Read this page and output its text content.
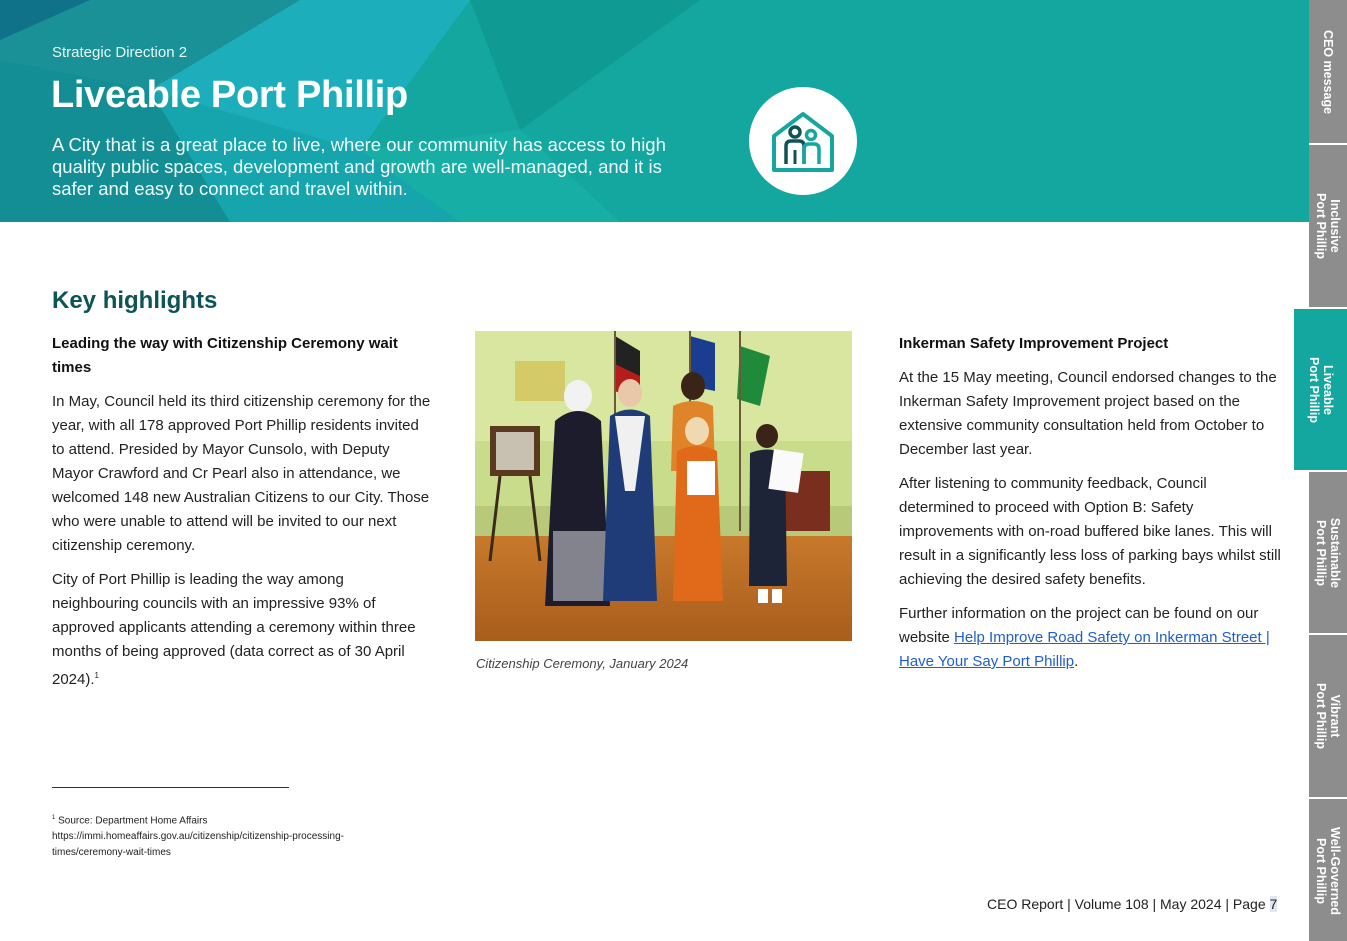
Strategic Direction 2
Liveable Port Phillip
A City that is a great place to live, where our community has access to high quality public spaces, development and growth are well-managed, and it is safer and easy to connect and travel within.
CEO message
Inclusive
Port Phillip
Liveable
Port Phillip
Sustainable
Port Phillip
Vibrant
Port Phillip
Well-Governed
Port Phillip
Key highlights
Leading the way with Citizenship Ceremony wait times

In May, Council held its third citizenship ceremony for the year, with all 178 approved Port Phillip residents invited to attend. Presided by Mayor Cunsolo, with Deputy Mayor Crawford and Cr Pearl also in attendance, we welcomed 148 new Australian Citizens to our City. Those who were unable to attend will be invited to our next citizenship ceremony.

City of Port Phillip is leading the way among neighbouring councils with an impressive 93% of approved applicants attending a ceremony within three months of being approved (data correct as of 30 April 2024).$^1$

Citizenship Ceremony, January 2024
Inkerman Safety Improvement Project

At the 15 May meeting, Council endorsed changes to the Inkerman Safety Improvement project based on the extensive community consultation held from October to December last year.

After listening to community feedback, Council determined to proceed with Option B: Safety improvements with on-road buffered bike lanes. This will result in a significantly less loss of parking bays whilst still achieving the desired safety benefits.

Further information on the project can be found on our website Help Improve Road Safety on Inkerman Street | Have Your Say Port Phillip.

$^1$ Source: Department Home Affairs
https://immi.homeaffairs.gov.au/citizenship/citizenship-processing-times/ceremony-wait-times
CEO Report | Volume 108 | May 2024 | Page 7
